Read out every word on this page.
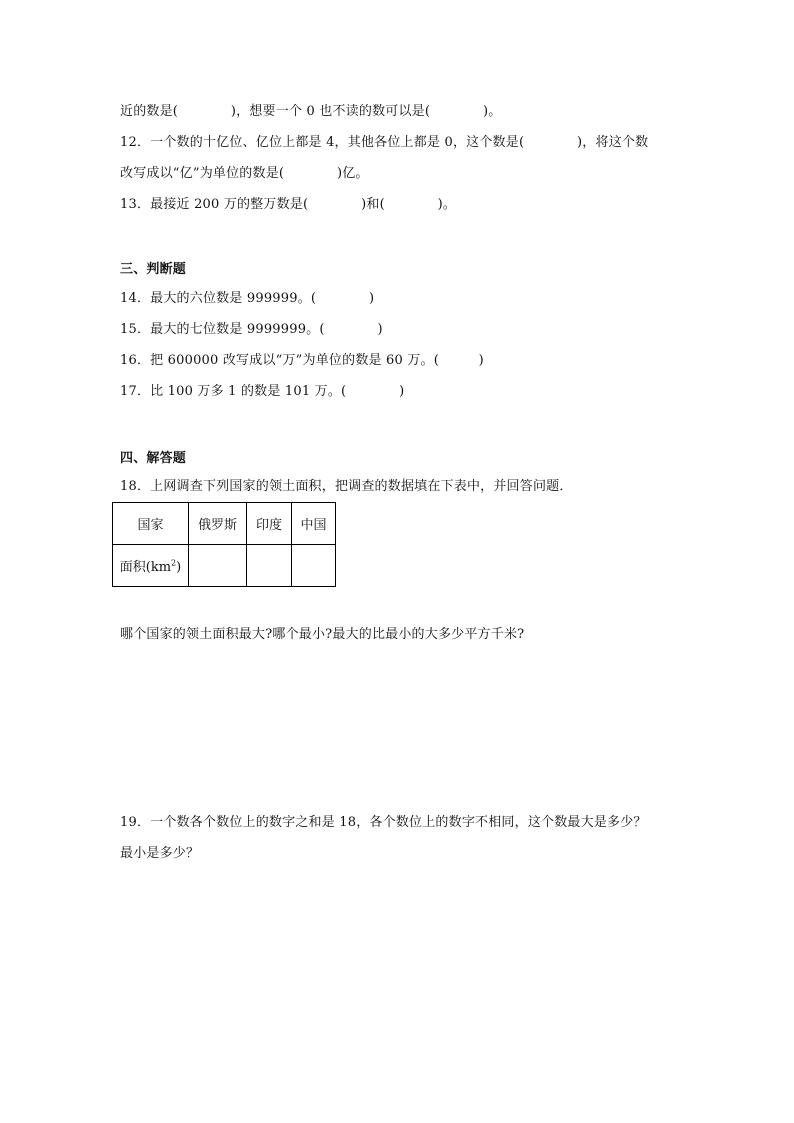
近的数是(　　　　)，想要一个 0 也不读的数可以是(　　　　)。
12．一个数的十亿位、亿位上都是 4，其他各位上都是 0，这个数是(　　　　)，将这个数
改写成以“亿”为单位的数是(　　　　)亿。
13．最接近 200 万的整万数是(　　　　)和(　　　　)。
三、判断题
14．最大的六位数是 999999。(　　　　)
15．最大的七位数是 9999999。(　　　　)
16．把 600000 改写成以“万”为单位的数是 60 万。(　　　)
17．比 100 万多 1 的数是 101 万。(　　　　)
四、解答题
18．上网调查下列国家的领土面积，把调查的数据填在下表中，并回答问题．
国家	俄罗斯	印度	中国
面积$(km^2)$			
哪个国家的领土面积最大?哪个最小?最大的比最小的大多少平方千米?
19．一个数各个数位上的数字之和是 18，各个数位上的数字不相同，这个数最大是多少？
最小是多少？
